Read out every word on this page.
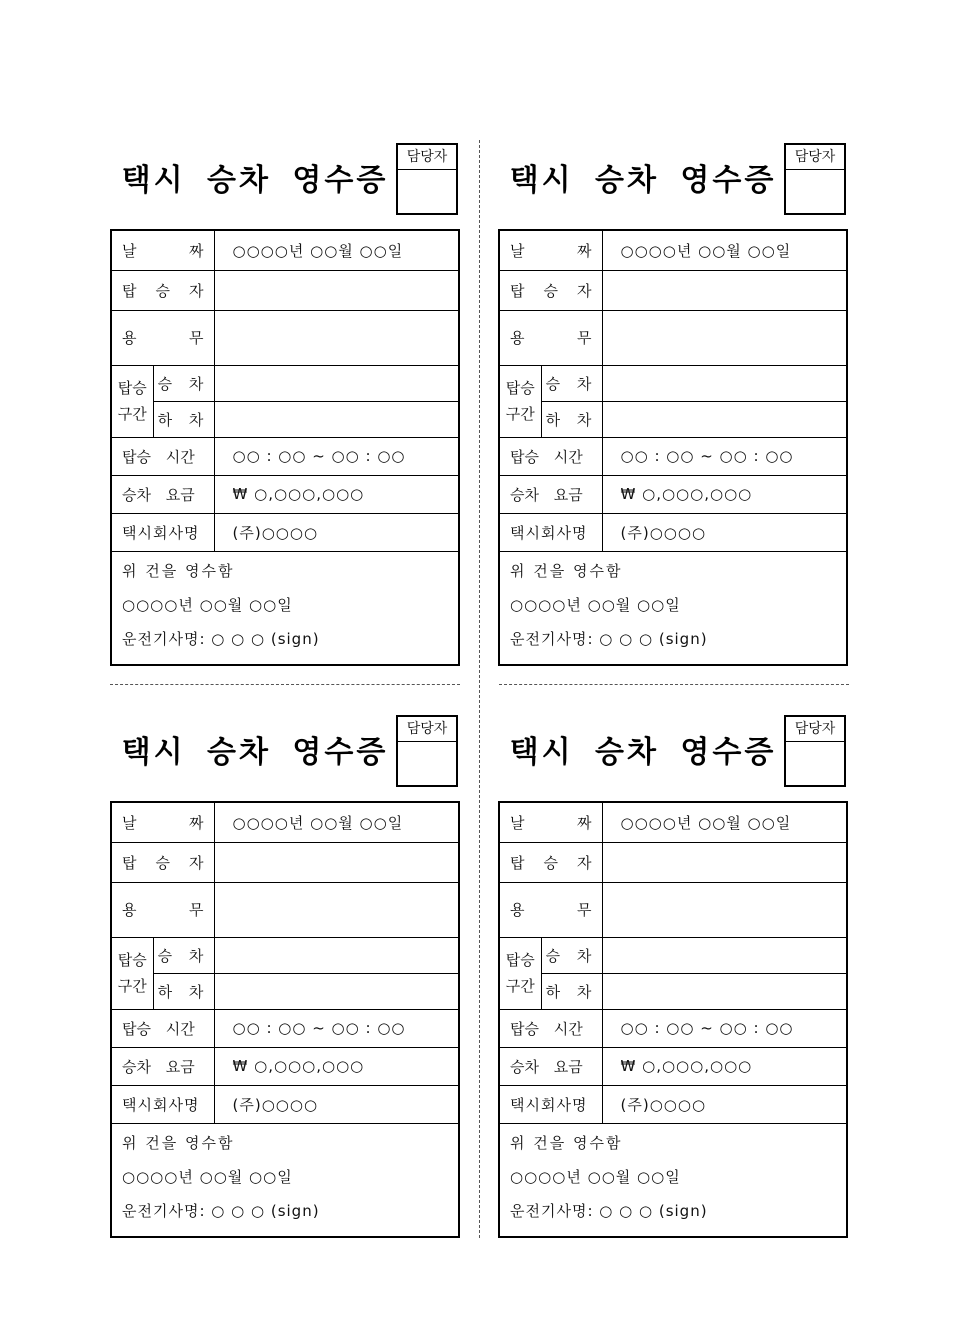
택시 승차 영수증
담당자
날 짜		○○○○년 ○○월 ○○일

탑 승 자		

용 무		

탑승
구간	승 차	
	하 차	
탑승 시간		○○ : ○○ ~ ○○ : ○○
승차 요금		₩ ○,○○○,○○○
택시회사명		(주)○○○○

위 건을 영수함
○○○○년 ○○월 ○○일
운전기사명: ○ ○ ○ (sign)		
택시 승차 영수증
담당자
날 짜		○○○○년 ○○월 ○○일

탑 승 자		

용 무		

탑승
구간	승 차	
	하 차	
탑승 시간		○○ : ○○ ~ ○○ : ○○
승차 요금		₩ ○,○○○,○○○
택시회사명		(주)○○○○

위 건을 영수함
○○○○년 ○○월 ○○일
운전기사명: ○ ○ ○ (sign)		
택시 승차 영수증
담당자
날 짜		○○○○년 ○○월 ○○일

탑 승 자		

용 무		

탑승
구간	승 차	
	하 차	
탑승 시간		○○ : ○○ ~ ○○ : ○○
승차 요금		₩ ○,○○○,○○○
택시회사명		(주)○○○○

위 건을 영수함
○○○○년 ○○월 ○○일
운전기사명: ○ ○ ○ (sign)		
택시 승차 영수증
담당자
날 짜		○○○○년 ○○월 ○○일

탑 승 자		

용 무		

탑승
구간	승 차	
	하 차	
탑승 시간		○○ : ○○ ~ ○○ : ○○
승차 요금		₩ ○,○○○,○○○
택시회사명		(주)○○○○

위 건을 영수함
○○○○년 ○○월 ○○일
운전기사명: ○ ○ ○ (sign)		
